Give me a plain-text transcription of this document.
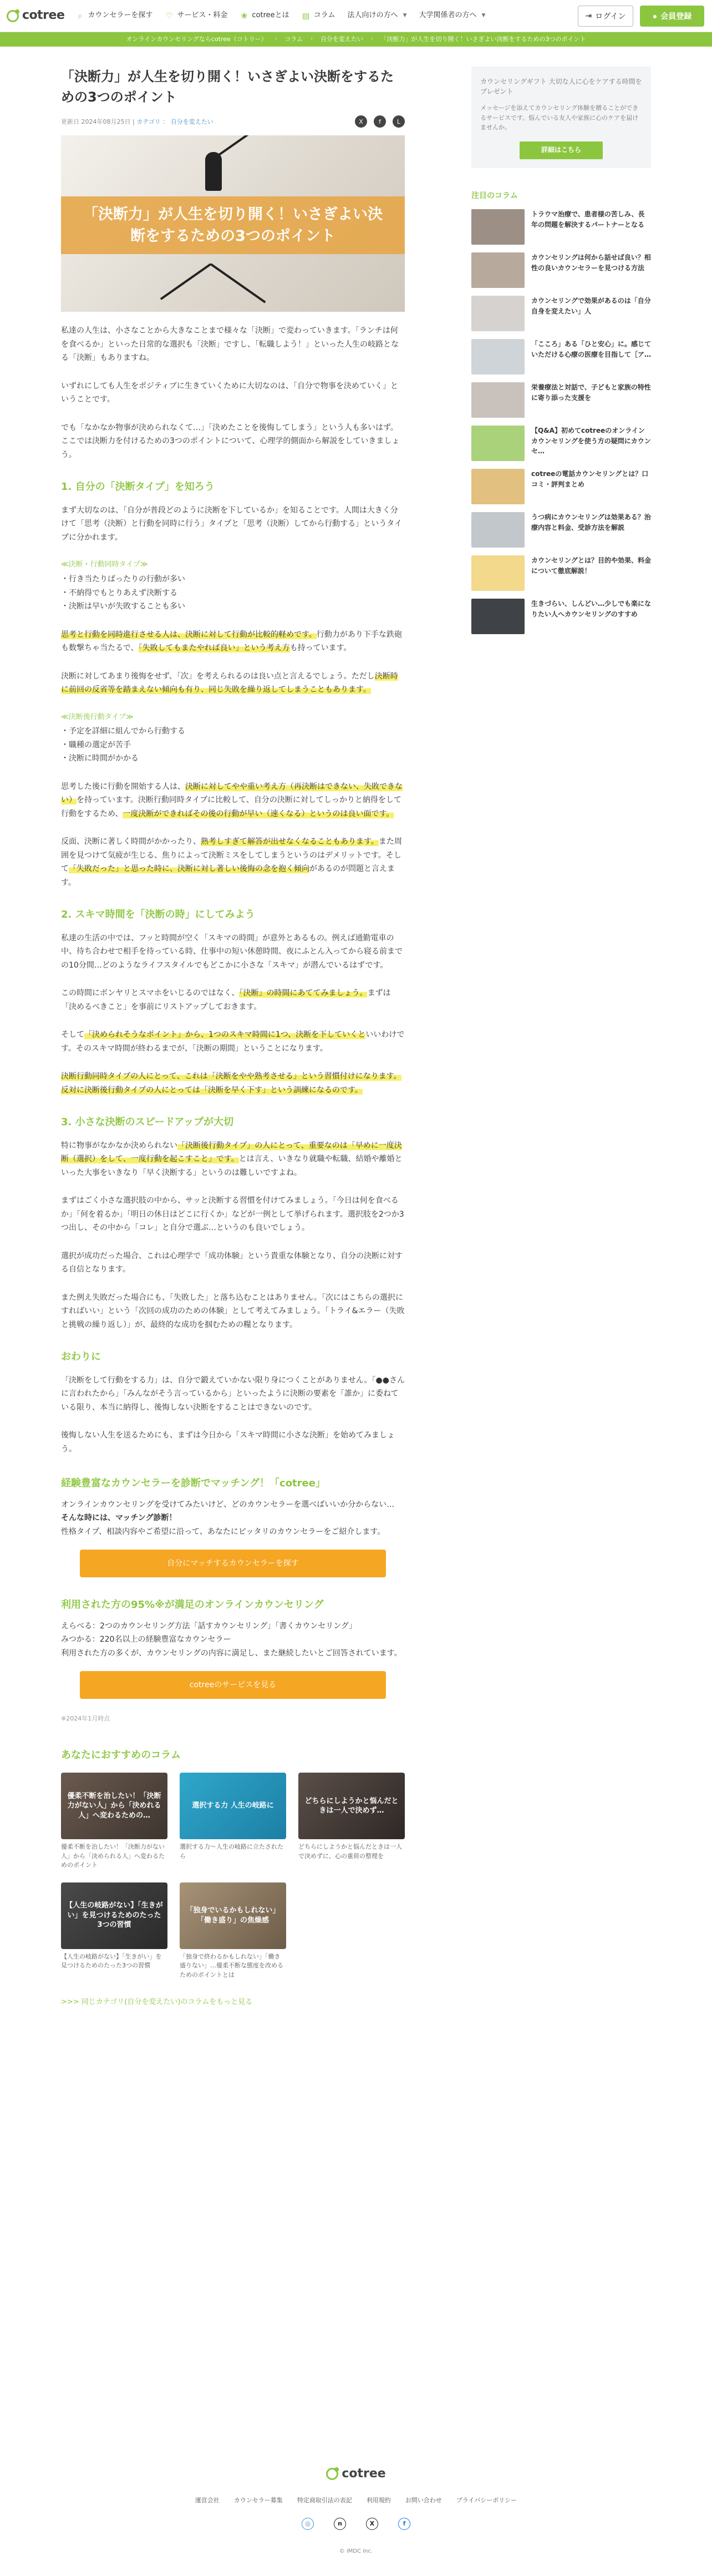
cotree ⌕ カウンセラーを探す ♡ サービス・料金 ❀ cotreeとは ▤ コラム 法人向けの方へ ▼ 大学関係者の方へ ▼	⇥ ログイン	● 会員登録
オンラインカウンセリングならcotree（コトリー） › コラム › 自分を変えたい › 「決断力」が人生を切り開く！いさぎよい決断をするための3つのポイント
「決断力」が人生を切り開く！いさぎよい決断をするための3つのポイント
更新日 2024年08月25日 | カテゴリ ： 自分を変えたい	X	f	L
「決断力」が人生を切り開く！いさぎよい決断をするための3つのポイント

私達の人生は、小さなことから大きなことまで様々な「決断」で変わっていきます。「ランチは何を食べるか」といった日常的な選択も「決断」ですし、「転職しよう！」といった人生の岐路となる「決断」もありますね。

いずれにしても人生をポジティブに生きていくために大切なのは、「自分で物事を決めていく」ということです。

でも「なかなか物事が決められなくて…」「決めたことを後悔してしまう」という人も多いはず。ここでは決断力を付けるための3つのポイントについて、心理学的側面から解説をしていきましょう。

1. 自分の「決断タイプ」を知ろう

まず大切なのは、「自分が普段どのように決断を下しているか」を知ることです。人間は大きく分けて「思考（決断）と行動を同時に行う」タイプと「思考（決断）してから行動する」というタイプに分かれます。

≪決断・行動同時タイプ≫
・ 行き当たりばったりの行動が多い
・ 不納得でもとりあえず決断する
・ 決断は早いが失敗することも多い

思考と行動を同時進行させる人は、決断に対して行動が比較的軽めです。行動力があり下手な鉄砲も数撃ちゃ当たるで、「失敗してもまたやれば良い」という考え方も持っています。

決断に対してあまり後悔をせず、「次」を考えられるのは良い点と言えるでしょう。ただし決断時に前回の反省等を踏まえない傾向も有り、同じ失敗を繰り返してしまうこともあります。

≪決断後行動タイプ≫
・ 予定を詳細に組んでから行動する
・ 職種の選定が苦手
・ 決断に時間がかかる

思考した後に行動を開始する人は、決断に対してやや重い考え方（再決断はできない、失敗できない）を持っています。決断行動同時タイプに比較して、自分の決断に対してしっかりと納得をして行動をするため、一度決断ができればその後の行動が早い（速くなる）というのは良い面です。

反面、決断に著しく時間がかかったり、熟考しすぎて解答が出せなくなることもあります。また周囲を見つけて気疲が生じる、焦りによって決断ミスをしてしまうというのはデメリットです。そして「失敗だった」と思った時に、決断に対し著しい後悔の念を抱く傾向があるのが問題と言えます。

2. スキマ時間を「決断の時」にしてみよう

私達の生活の中では、フッと時間が空く「スキマの時間」が意外とあるもの。例えば通勤電車の中、待ち合わせで相手を待っている時、仕事中の短い休憩時間、夜にふとん入ってから寝る前までの10分間…どのようなライフスタイルでもどこかに小さな「スキマ」が潜んでいるはずです。

この時間にボンヤリとスマホをいじるのではなく、「決断」の時間にあててみましょう。まずは「決めるべきこと」を事前にリストアップしておきます。

そして「決められそうなポイント」から、1つのスキマ時間に1つ、決断を下していくといいわけです。そのスキマ時間が終わるまでが、「決断の期間」ということになります。

決断行動同時タイプの人にとって、これは「決断をやや熟考させる」という習慣付けになります。反対に決断後行動タイプの人にとっては「決断を早く下す」という訓練になるのです。

3. 小さな決断のスピードアップが大切

特に物事がなかなか決められない「決断後行動タイプ」の人にとって、重要なのは「早めに一度決断（選択）をして、一度行動を起こすこと」です。とは言え、いきなり就職や転職、結婚や離婚といった大事をいきなり「早く決断する」というのは難しいですよね。

まずはごく小さな選択肢の中から、サッと決断する習慣を付けてみましょう。「今日は何を食べるか」「何を着るか」「明日の休日はどこに行くか」などが一例として挙げられます。選択肢を2つか3つ出し、その中から「コレ」と自分で選ぶ…というのも良いでしょう。

選択が成功だった場合、これは心理学で「成功体験」という貴重な体験となり、自分の決断に対する自信となります。

また例え失敗だった場合にも、「失敗した」と落ち込むことはありません。「次にはこちらの選択にすればいい」という「次回の成功のための体験」として考えてみましょう。「トライ&エラー（失敗と挑戦の繰り返し）」が、最終的な成功を掴むための糧となります。

おわりに

「決断をして行動をする力」は、自分で鍛えていかない限り身につくことがありません。「●●さんに言われたから」「みんながそう言っているから」といったように決断の要素を「誰か」に委ねている限り、本当に納得し、後悔しない決断をすることはできないのです。

後悔しない人生を送るためにも、まずは今日から「スキマ時間に小さな決断」を始めてみましょう。

経験豊富なカウンセラーを診断でマッチング！「cotree」
オンラインカウンセリングを受けてみたいけど、どのカウンセラーを選べばいいか分からない…
そんな時には、マッチング診断！
性格タイプ、相談内容やご希望に沿って、あなたにピッタリのカウンセラーをご紹介します。
自分にマッチするカウンセラーを探す
利用された方の95%※が満足のオンラインカウンセリング
えらべる：2つのカウンセリング方法「話すカウンセリング」「書くカウンセリング」
みつかる：220名以上の経験豊富なカウンセラー
利用された方の多くが、カウンセリングの内容に満足し、また継続したいとご回答されています。
cotreeのサービスを見る
※2024年1月時点
あなたにおすすめのコラム
優柔不断を治したい！「決断力がない人」から「決めれる人」へ変わるための…
優柔不断を治したい！「決断力がない人」から「決められる人」へ変わるためのポイント
選択する力 人生の岐路に
選択する力〜人生の岐路に立たされたら
どちらにしようかと悩んだときは一人で決めず…
どちらにしようかと悩んだときは一人で決めずに、心の重荷の整理を
【人生の岐路がない】「生きがい」を見つけるためのたった3つの習慣
【人生の岐路がない】「生きがい」を見つけるためのたった3つの習慣
「独身でいるかもしれない」「働き盛り」の焦燥感
「独身で終わるかもしれない」「働き盛りない」…優柔不断な態度を改めるためのポイントとは
>>> 同じカテゴリ(自分を変えたい)のコラムをもっと見る
カウンセリングギフト 大切な人に心をケアする時間をプレゼント
メッセージを添えてカウンセリング体験を贈ることができるサービスです。悩んでいる友人や家族に心のケアを届けませんか。
詳細はこちら
注目のコラム
トラウマ治療で、患者様の苦しみ、長年の問題を解決するパートナーとなる
カウンセリングは何から話せば良い？相性の良いカウンセラーを見つける方法
カウンセリングで効果があるのは「自分自身を変えたい」人
「こころ」ある「ひと安心」に。感じていただける心療の医療を目指して［ア…
栄養療法と対話で、子どもと家族の特性に寄り添った支援を
【Q&A】初めてcotreeのオンラインカウンセリングを使う方の疑問にカウンセ…
cotreeの電話カウンセリングとは？口コミ・評判まとめ
うつ病にカウンセリングは効果ある？治療内容と料金、受診方法を解説
カウンセリングとは？目的や効果、料金について徹底解説！
生きづらい、しんどい…少しでも楽になりたい人へカウンセリングのすすめ
cotree
運営会社 カウンセラー募集 特定商取引法の表記 利用規約 お問い合わせ プライバシーポリシー
◎	n	X	f
© iMDC Inc.
